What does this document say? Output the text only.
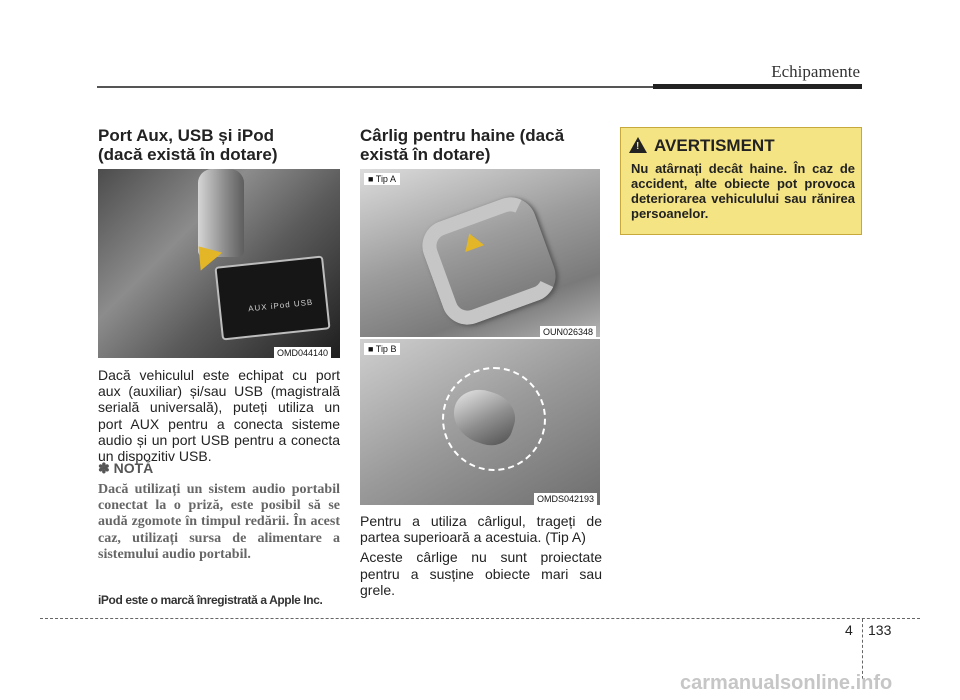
Echipamente
Port Aux, USB și iPod
(dacă există în dotare)
AUX iPod USB
OMD044140
Dacă vehiculul este echipat cu port aux (auxiliar) și/sau USB (magistrală serială universală), puteți utiliza un port AUX pentru a conecta sisteme audio și un port USB pentru a conecta un dispozitiv USB.
✽ NOTĂ
Dacă utilizați un sistem audio portabil conectat la o priză, este posibil să se audă zgomote în timpul redării. În acest caz, utilizați sursa de alimentare a sistemului audio portabil.
iPod este o marcă înregistrată a Apple Inc.
Cârlig pentru haine (dacă
există în dotare)
■ Tip A
OUN026348
■ Tip B
OMDS042193

Pentru a utiliza cârligul, trageți de partea superioară a acestuia. (Tip A)

Aceste cârlige nu sunt proiectate pentru a susține obiecte mari sau grele.

! AVERTISMENT
Nu atârnați decât haine. În caz de accident, alte obiecte pot provoca deteriorarea vehiculului sau rănirea persoanelor.
4 133
carmanualsonline.info
